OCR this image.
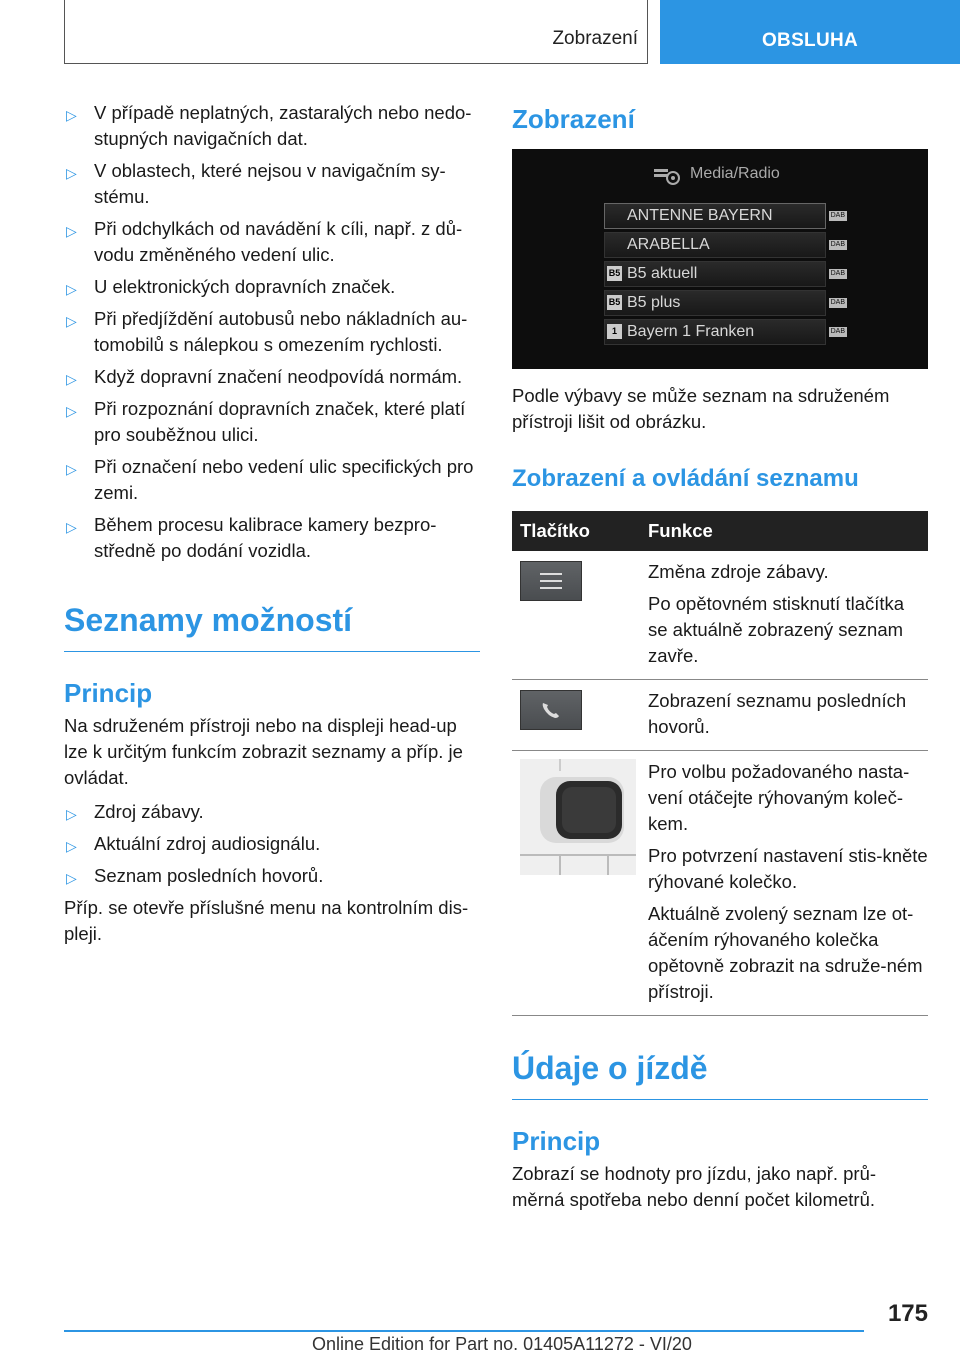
Zobrazení	OBSLUHA
▷ V případě neplatných, zastaralých nebo nedo-stupných navigačních dat.
▷ V oblastech, které nejsou v navigačním sy-stému.
▷ Při odchylkách od navádění k cíli, např. z dů-vodu změněného vedení ulic.
▷ U elektronických dopravních značek.
▷ Při předjíždění autobusů nebo nákladních au-tomobilů s nálepkou s omezením rychlosti.
▷ Když dopravní značení neodpovídá normám.
▷ Při rozpoznání dopravních značek, které platí pro souběžnou ulici.
▷ Při označení nebo vedení ulic specifických pro zemi.
▷ Během procesu kalibrace kamery bezpro-středně po dodání vozidla.
Seznamy možností
Princip

Na sdruženém přístroji nebo na displeji head-up lze k určitým funkcím zobrazit seznamy a příp. je ovládat.

▷ Zdroj zábavy.
▷ Aktuální zdroj audiosignálu.
▷ Seznam posledních hovorů.

Příp. se otevře příslušné menu na kontrolním dis-pleji.

Zobrazení
Media/Radio
ANTENNE BAYERN	DAB
ARABELLA	DAB
B5 B5 aktuell	DAB
B5 B5 plus	DAB
1 Bayern 1 Franken	DAB

Podle výbavy se může seznam na sdruženém přístroji lišit od obrázku.

Zobrazení a ovládání seznamu
Tlačítko	Funkce

Změna zdroje zábavy.
Po opětovném stisknutí tlačítka se aktuálně zobrazený seznam zavře.

Zobrazení seznamu posledních hovorů.

Pro volbu požadovaného nasta-vení otáčejte rýhovaným koleč-kem.
Pro potvrzení nastavení stis-kněte rýhované kolečko.
Aktuálně zvolený seznam lze ot-áčením rýhovaného kolečka opětovně zobrazit na sdruže-ném přístroji.
Údaje o jízdě
Princip

Zobrazí se hodnoty pro jízdu, jako např. prů-měrná spotřeba nebo denní počet kilometrů.

175
Online Edition for Part no. 01405A11272 - VI/20
